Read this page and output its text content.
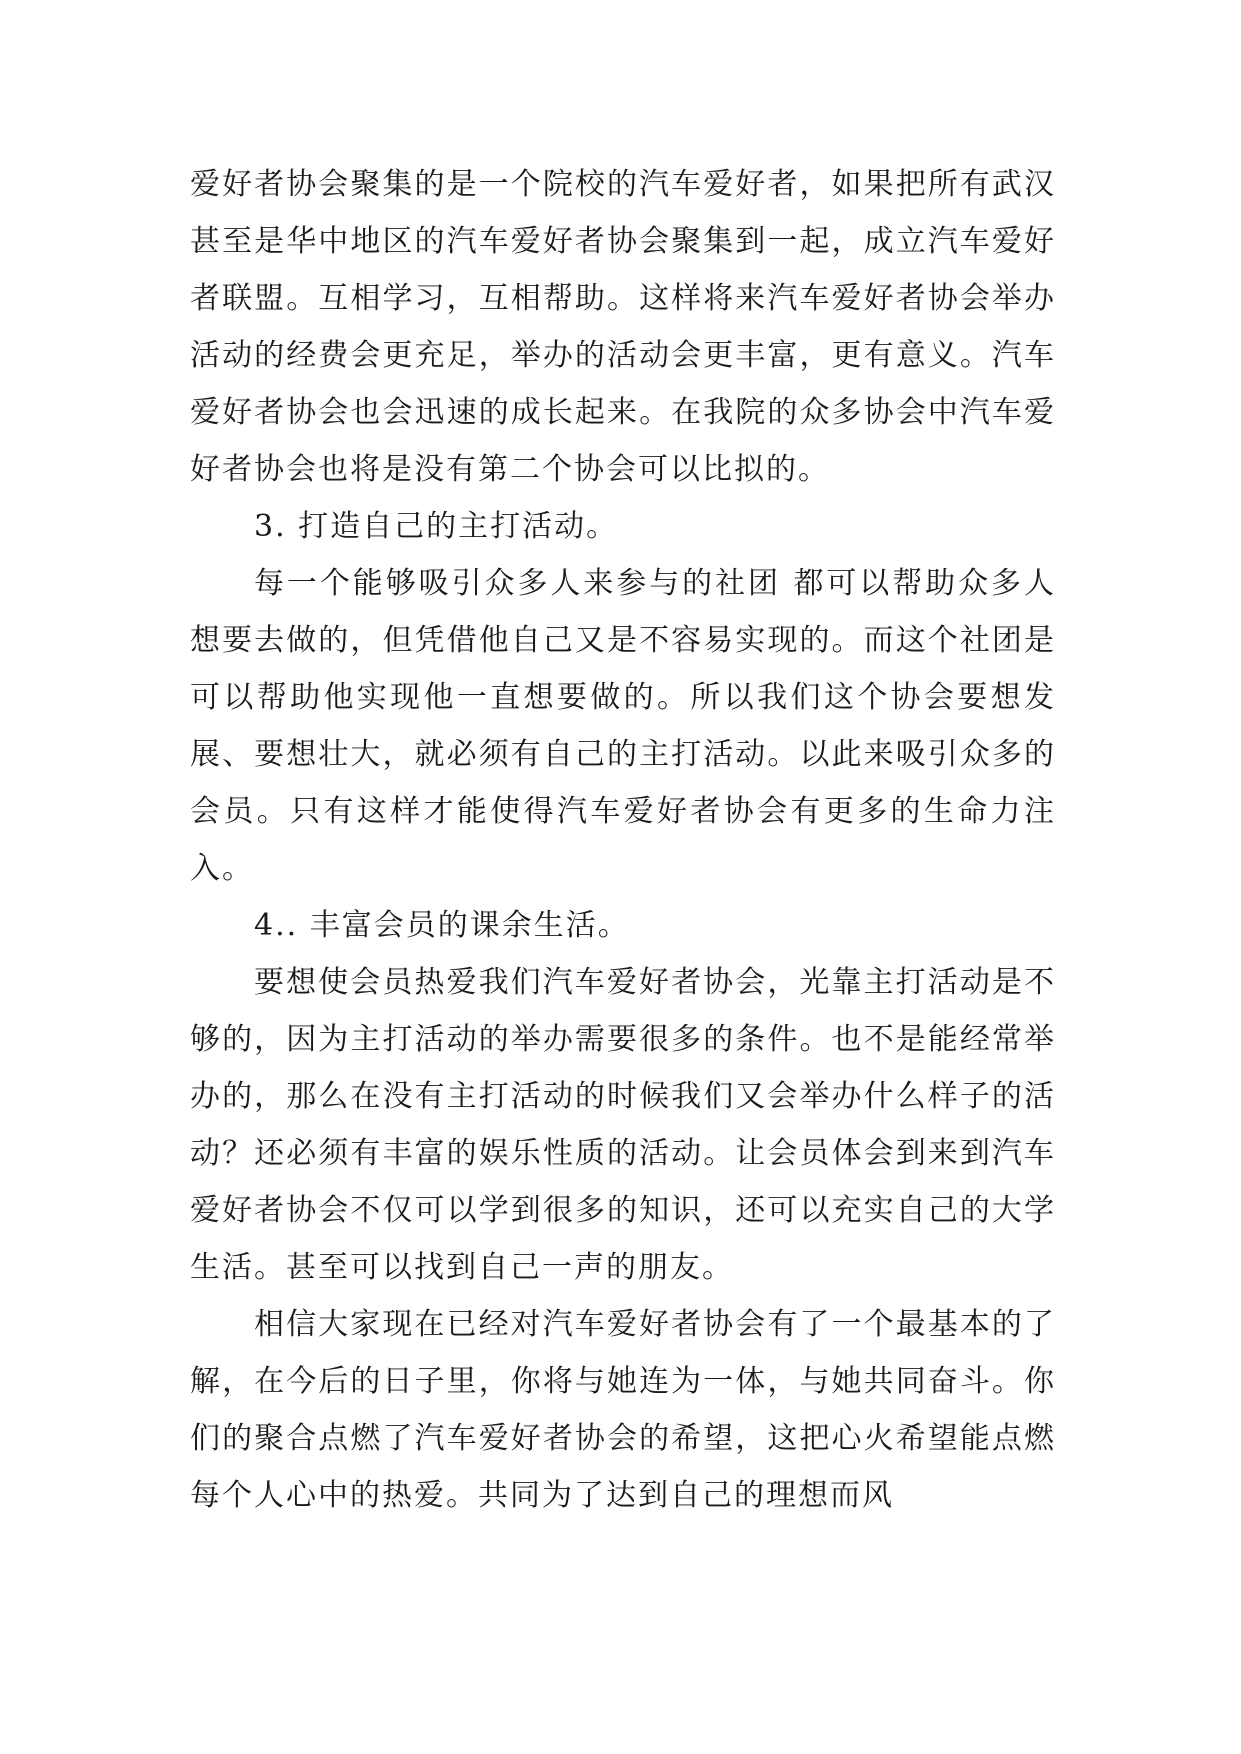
爱好者协会聚集的是一个院校的汽车爱好者，如果把所有武汉甚至是华中地区的汽车爱好者协会聚集到一起，成立汽车爱好者联盟。互相学习，互相帮助。这样将来汽车爱好者协会举办活动的经费会更充足，举办的活动会更丰富，更有意义。汽车爱好者协会也会迅速的成长起来。在我院的众多协会中汽车爱好者协会也将是没有第二个协会可以比拟的。

3. 打造自己的主打活动。

每一个能够吸引众多人来参与的社团 都可以帮助众多人想要去做的，但凭借他自己又是不容易实现的。而这个社团是可以帮助他实现他一直想要做的。所以我们这个协会要想发展、要想壮大，就必须有自己的主打活动。以此来吸引众多的会员。只有这样才能使得汽车爱好者协会有更多的生命力注入。

4.. 丰富会员的课余生活。

要想使会员热爱我们汽车爱好者协会，光靠主打活动是不够的，因为主打活动的举办需要很多的条件。也不是能经常举办的，那么在没有主打活动的时候我们又会举办什么样子的活动？还必须有丰富的娱乐性质的活动。让会员体会到来到汽车爱好者协会不仅可以学到很多的知识，还可以充实自己的大学生活。甚至可以找到自己一声的朋友。

相信大家现在已经对汽车爱好者协会有了一个最基本的了解，在今后的日子里，你将与她连为一体，与她共同奋斗。你们的聚合点燃了汽车爱好者协会的希望，这把心火希望能点燃每个人心中的热爱。共同为了达到自己的理想而风
